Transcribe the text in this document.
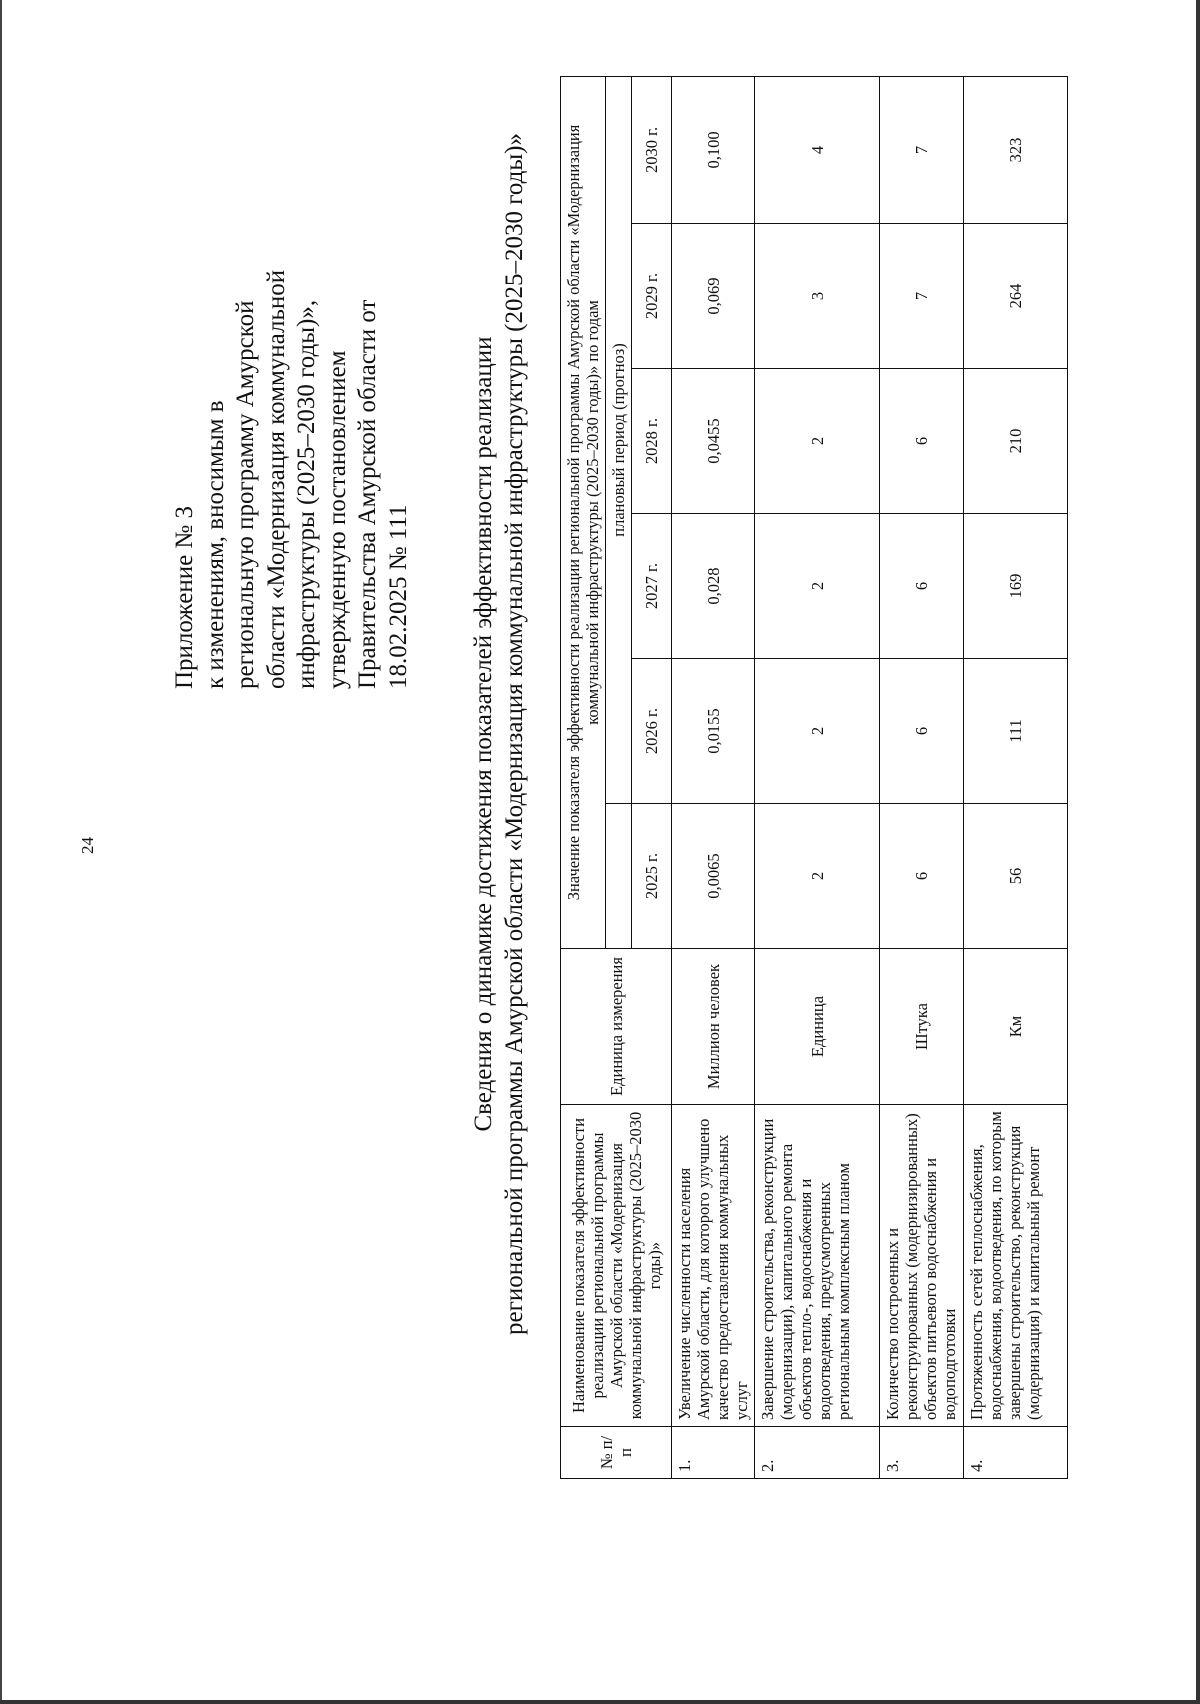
24
Приложение № 3 к изменениям, вносимым в региональную программу Амурской области «Модернизация коммунальной инфраструктуры (2025–2030 годы)», утвержденную постановлением Правительства Амурской области от 18.02.2025 № 111 Сведения о динамике достижения показателей эффективности реализации региональной программы Амурской области «Модернизация коммунальной инфраструктуры (2025–2030 годы)»
№ п/п	Наименование показателя эффективности реализации региональной программы Амурской области «Модернизация коммунальной инфраструктуры (2025–2030 годы)»	Единица измерения	Значение показателя эффективности реализации региональной программы Амурской области «Модернизация коммунальной инфраструктуры (2025–2030 годы)» по годам					
				плановый период (прогноз)				
			2025 г.	2026 г.	2027 г.	2028 г.	2029 г.	2030 г.
1.	Увеличение численности населения Амурской области, для которого улучшено качество предоставления коммунальных услуг	Миллион человек	0,0065	0,0155	0,028	0,0455	0,069	0,100
2.	Завершение строительства, реконструкции (модернизации), капитального ремонта объектов тепло-, водоснабжения и водоотведения, предусмотренных региональным комплексным планом	Единица	2	2	2	2	3	4
3.	Количество построенных и реконструированных (модернизированных) объектов питьевого водоснабжения и водоподготовки	Штука	6	6	6	6	7	7
4.	Протяженность сетей теплоснабжения, водоснабжения, водоотведения, по которым завершены строительство, реконструкция (модернизация) и капитальный ремонт	Км	56	111	169	210	264	323
